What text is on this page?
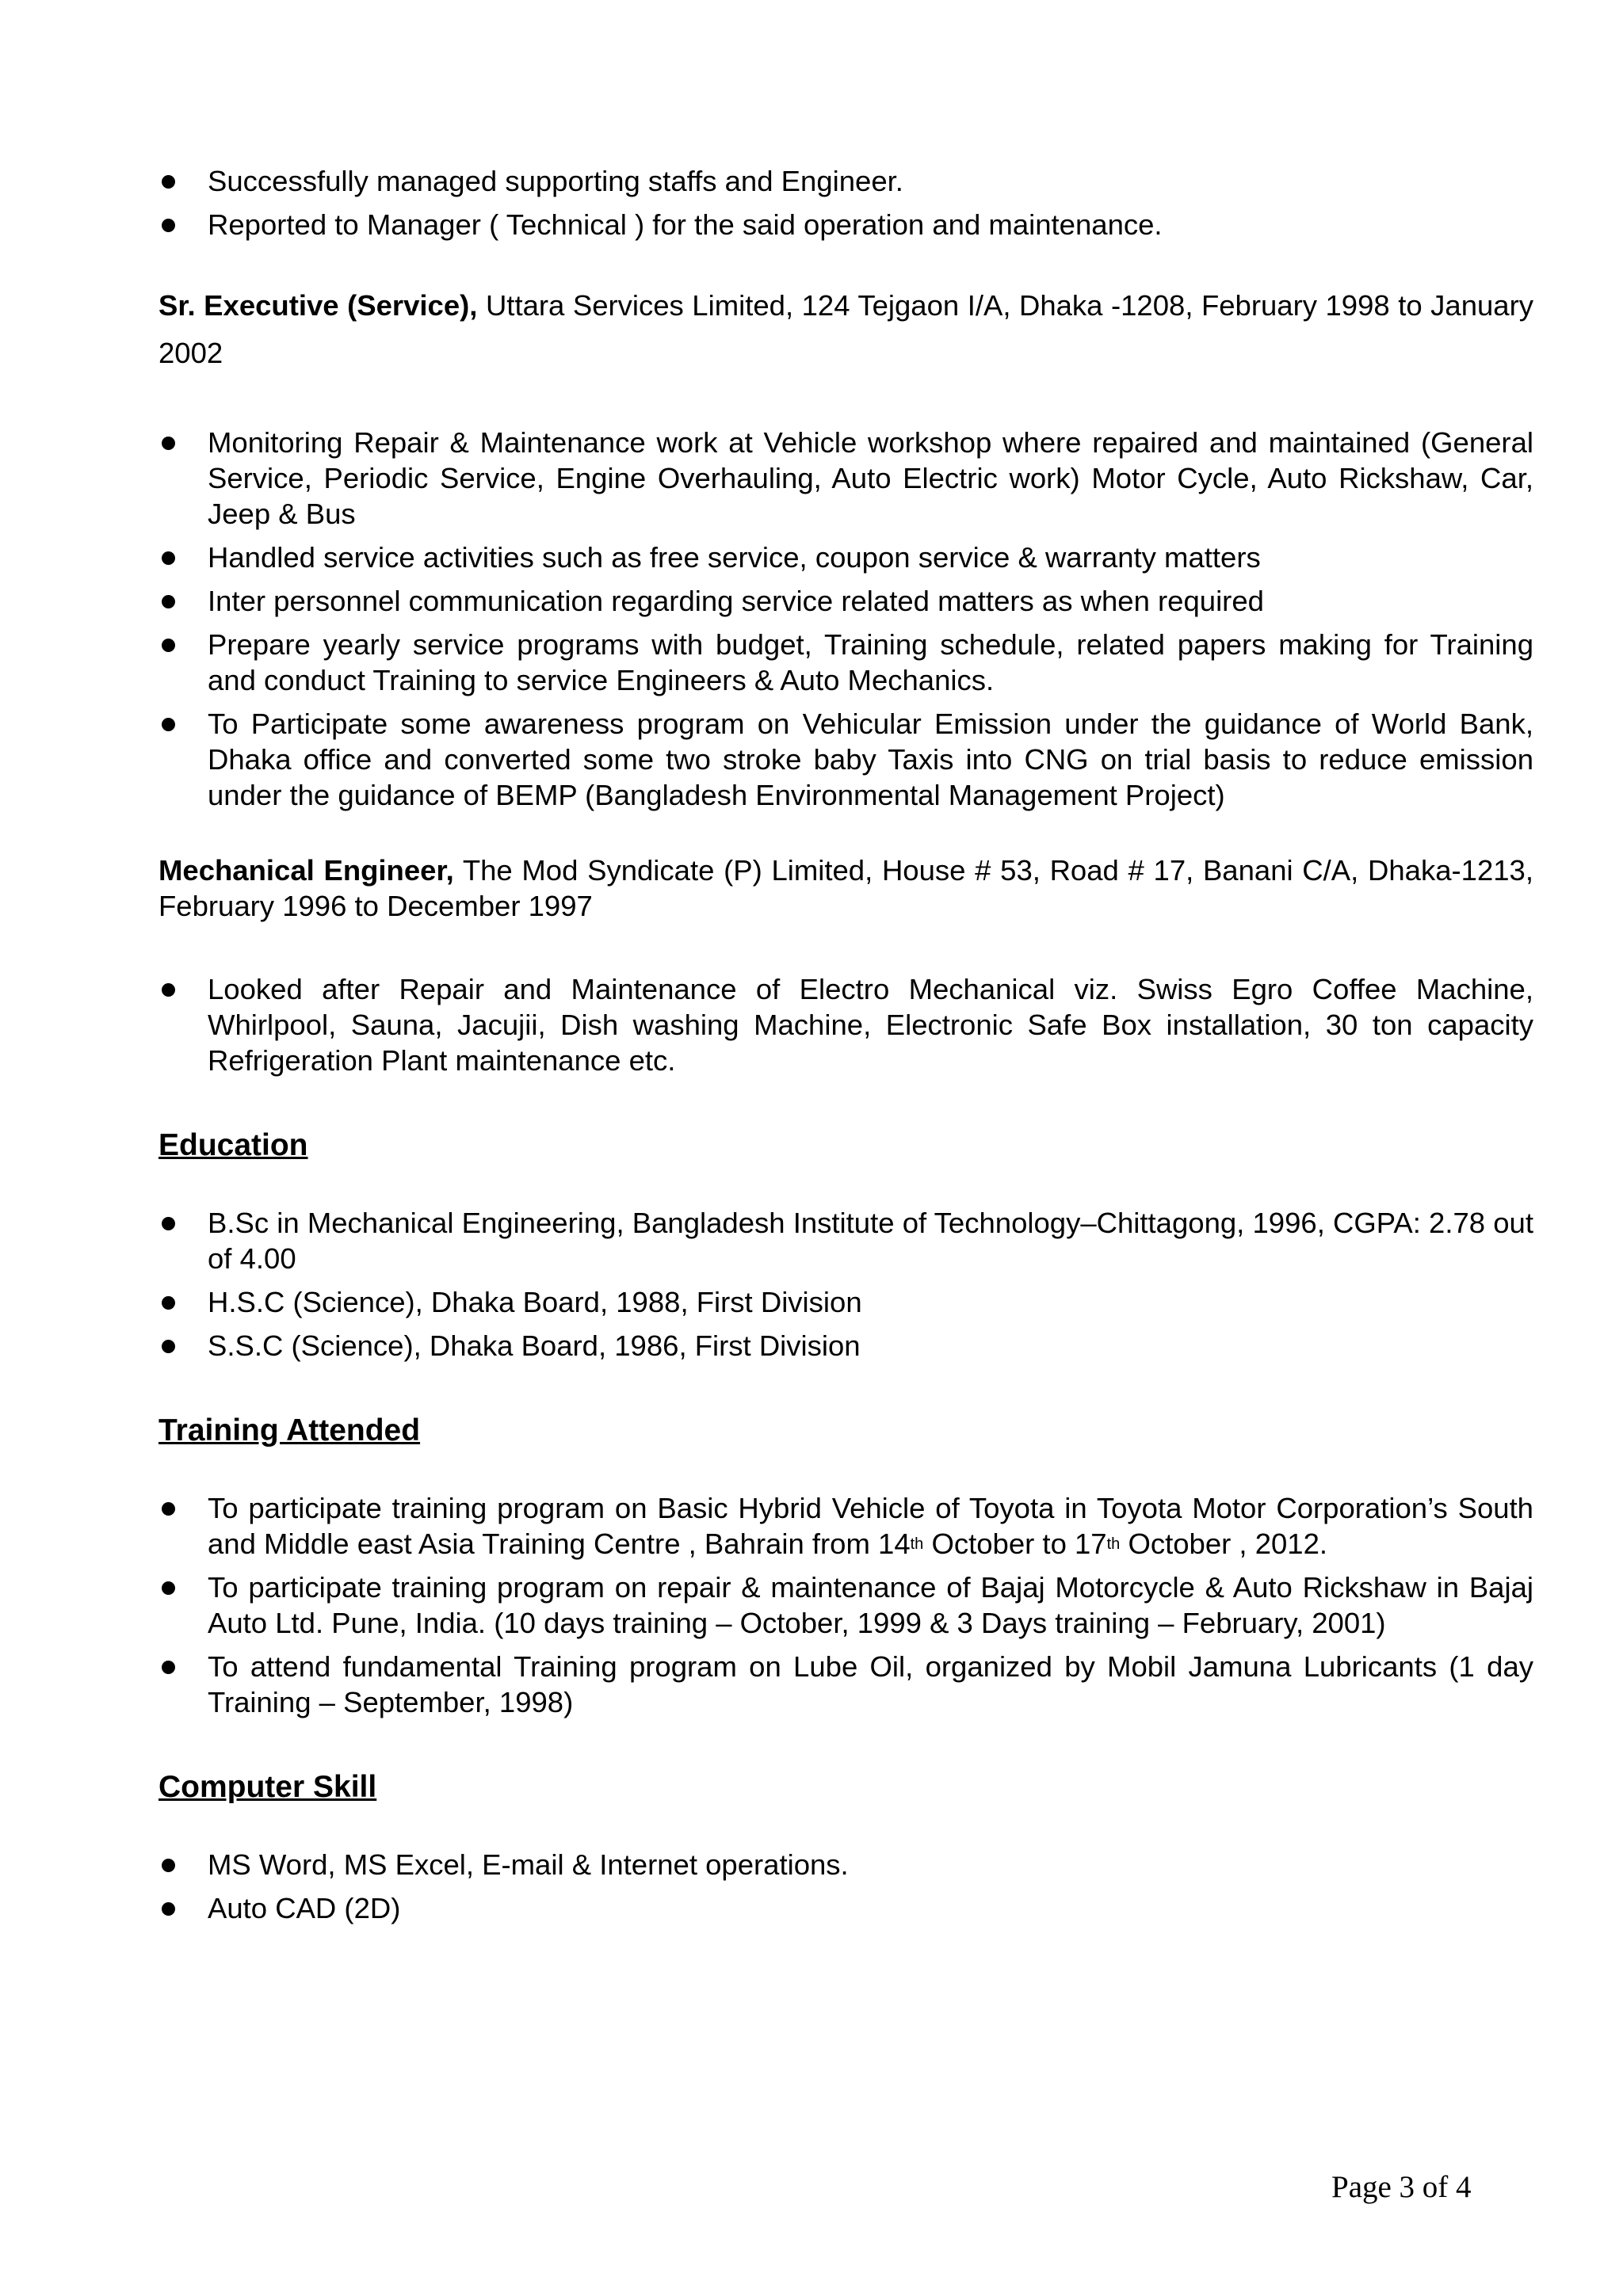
Successfully managed supporting staffs and Engineer.
Reported to Manager ( Technical ) for the said operation and maintenance.

Sr. Executive (Service), Uttara Services Limited, 124 Tejgaon I/A, Dhaka -1208, February 1998 to January 2002

Monitoring Repair & Maintenance work at Vehicle workshop where repaired and maintained (General Service, Periodic Service, Engine Overhauling, Auto Electric work) Motor Cycle, Auto Rickshaw, Car, Jeep & Bus
Handled service activities such as free service, coupon service & warranty matters
Inter personnel communication regarding service related matters as when required
Prepare yearly service programs with budget, Training schedule, related papers making for Training and conduct Training to service Engineers & Auto Mechanics.
To Participate some awareness program on Vehicular Emission under the guidance of World Bank, Dhaka office and converted some two stroke baby Taxis into CNG on trial basis to reduce emission under the guidance of BEMP (Bangladesh Environmental Management Project)

Mechanical Engineer, The Mod Syndicate (P) Limited, House # 53, Road # 17, Banani C/A, Dhaka-1213, February 1996 to December 1997

Looked after Repair and Maintenance of Electro Mechanical viz. Swiss Egro Coffee Machine, Whirlpool, Sauna, Jacujii, Dish washing Machine, Electronic Safe Box installation, 30 ton capacity Refrigeration Plant maintenance etc.
Education
B.Sc in Mechanical Engineering, Bangladesh Institute of Technology–Chittagong, 1996, CGPA: 2.78 out of 4.00
H.S.C (Science), Dhaka Board, 1988, First Division
S.S.C (Science), Dhaka Board, 1986, First Division
Training Attended
To participate training program on Basic Hybrid Vehicle of Toyota in Toyota Motor Corporation’s South and Middle east Asia Training Centre , Bahrain from 14th October to 17th October , 2012.
To participate training program on repair & maintenance of Bajaj Motorcycle & Auto Rickshaw in Bajaj Auto Ltd. Pune, India. (10 days training – October, 1999 & 3 Days training – February, 2001)
To attend fundamental Training program on Lube Oil, organized by Mobil Jamuna Lubricants (1 day Training – September, 1998)
Computer Skill
MS Word, MS Excel, E-mail & Internet operations.
Auto CAD (2D)
Page 3 of 4
